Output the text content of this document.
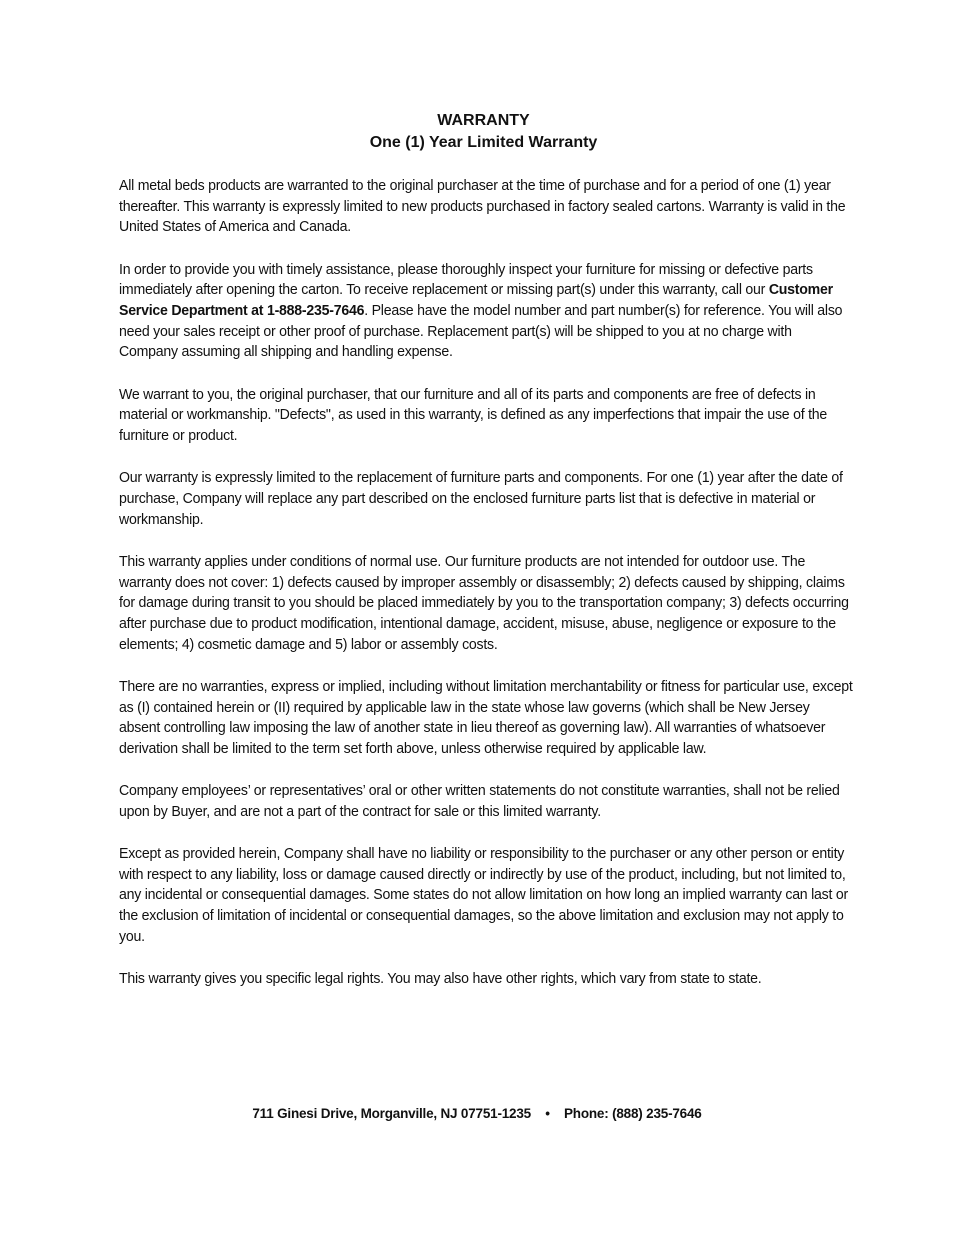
WARRANTY
One (1) Year Limited Warranty

All metal beds products are warranted to the original purchaser at the time of purchase and for a period of one (1) year thereafter. This warranty is expressly limited to new products purchased in factory sealed cartons. Warranty is valid in the United States of America and Canada.

In order to provide you with timely assistance, please thoroughly inspect your furniture for missing or defective parts immediately after opening the carton. To receive replacement or missing part(s) under this warranty, call our Customer Service Department at 1-888-235-7646. Please have the model number and part number(s) for reference. You will also need your sales receipt or other proof of purchase. Replacement part(s) will be shipped to you at no charge with Company assuming all shipping and handling expense.

We warrant to you, the original purchaser, that our furniture and all of its parts and components are free of defects in material or workmanship. "Defects", as used in this warranty, is defined as any imperfections that impair the use of the furniture or product.

Our warranty is expressly limited to the replacement of furniture parts and components. For one (1) year after the date of purchase, Company will replace any part described on the enclosed furniture parts list that is defective in material or workmanship.

This warranty applies under conditions of normal use. Our furniture products are not intended for outdoor use. The warranty does not cover: 1) defects caused by improper assembly or disassembly; 2) defects caused by shipping, claims for damage during transit to you should be placed immediately by you to the transportation company; 3) defects occurring after purchase due to product modification, intentional damage, accident, misuse, abuse, negligence or exposure to the elements; 4) cosmetic damage and 5) labor or assembly costs.

There are no warranties, express or implied, including without limitation merchantability or fitness for particular use, except as (I) contained herein or (II) required by applicable law in the state whose law governs (which shall be New Jersey absent controlling law imposing the law of another state in lieu thereof as governing law). All warranties of whatsoever derivation shall be limited to the term set forth above, unless otherwise required by applicable law.

Company employees’ or representatives’ oral or other written statements do not constitute warranties, shall not be relied upon by Buyer, and are not a part of the contract for sale or this limited warranty.

Except as provided herein, Company shall have no liability or responsibility to the purchaser or any other person or entity with respect to any liability, loss or damage caused directly or indirectly by use of the product, including, but not limited to, any incidental or consequential damages. Some states do not allow limitation on how long an implied warranty can last or the exclusion of limitation of incidental or consequential damages, so the above limitation and exclusion may not apply to you.

This warranty gives you specific legal rights. You may also have other rights, which vary from state to state.

711 Ginesi Drive, Morganville, NJ 07751-1235 • Phone: (888) 235-7646
